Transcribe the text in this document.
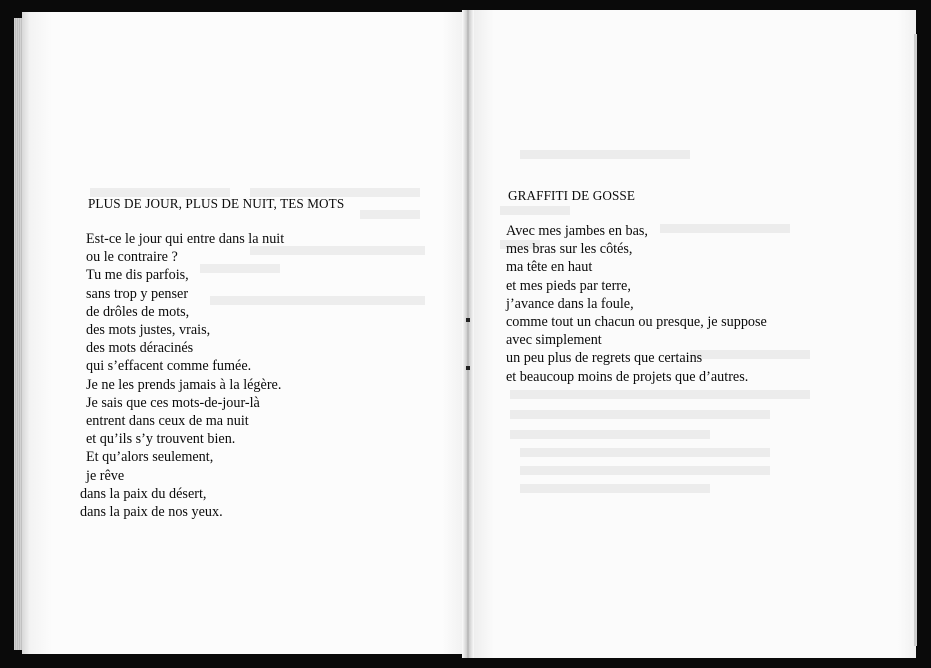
PLUS DE JOUR, PLUS DE NUIT, TES MOTS
Est-ce le jour qui entre dans la nuit
ou le contraire ?
Tu me dis parfois,
sans trop y penser
de drôles de mots,
des mots justes, vrais,
des mots déracinés
qui s’effacent comme fumée.
Je ne les prends jamais à la légère.
Je sais que ces mots-de-jour-là
entrent dans ceux de ma nuit
et qu’ils s’y trouvent bien.
Et qu’alors seulement,
je rêve
dans la paix du désert,
dans la paix de nos yeux.
GRAFFITI DE GOSSE
Avec mes jambes en bas,
mes bras sur les côtés,
ma tête en haut
et mes pieds par terre,
j’avance dans la foule,
comme tout un chacun ou presque, je suppose
avec simplement
un peu plus de regrets que certains
et beaucoup moins de projets que d’autres.
